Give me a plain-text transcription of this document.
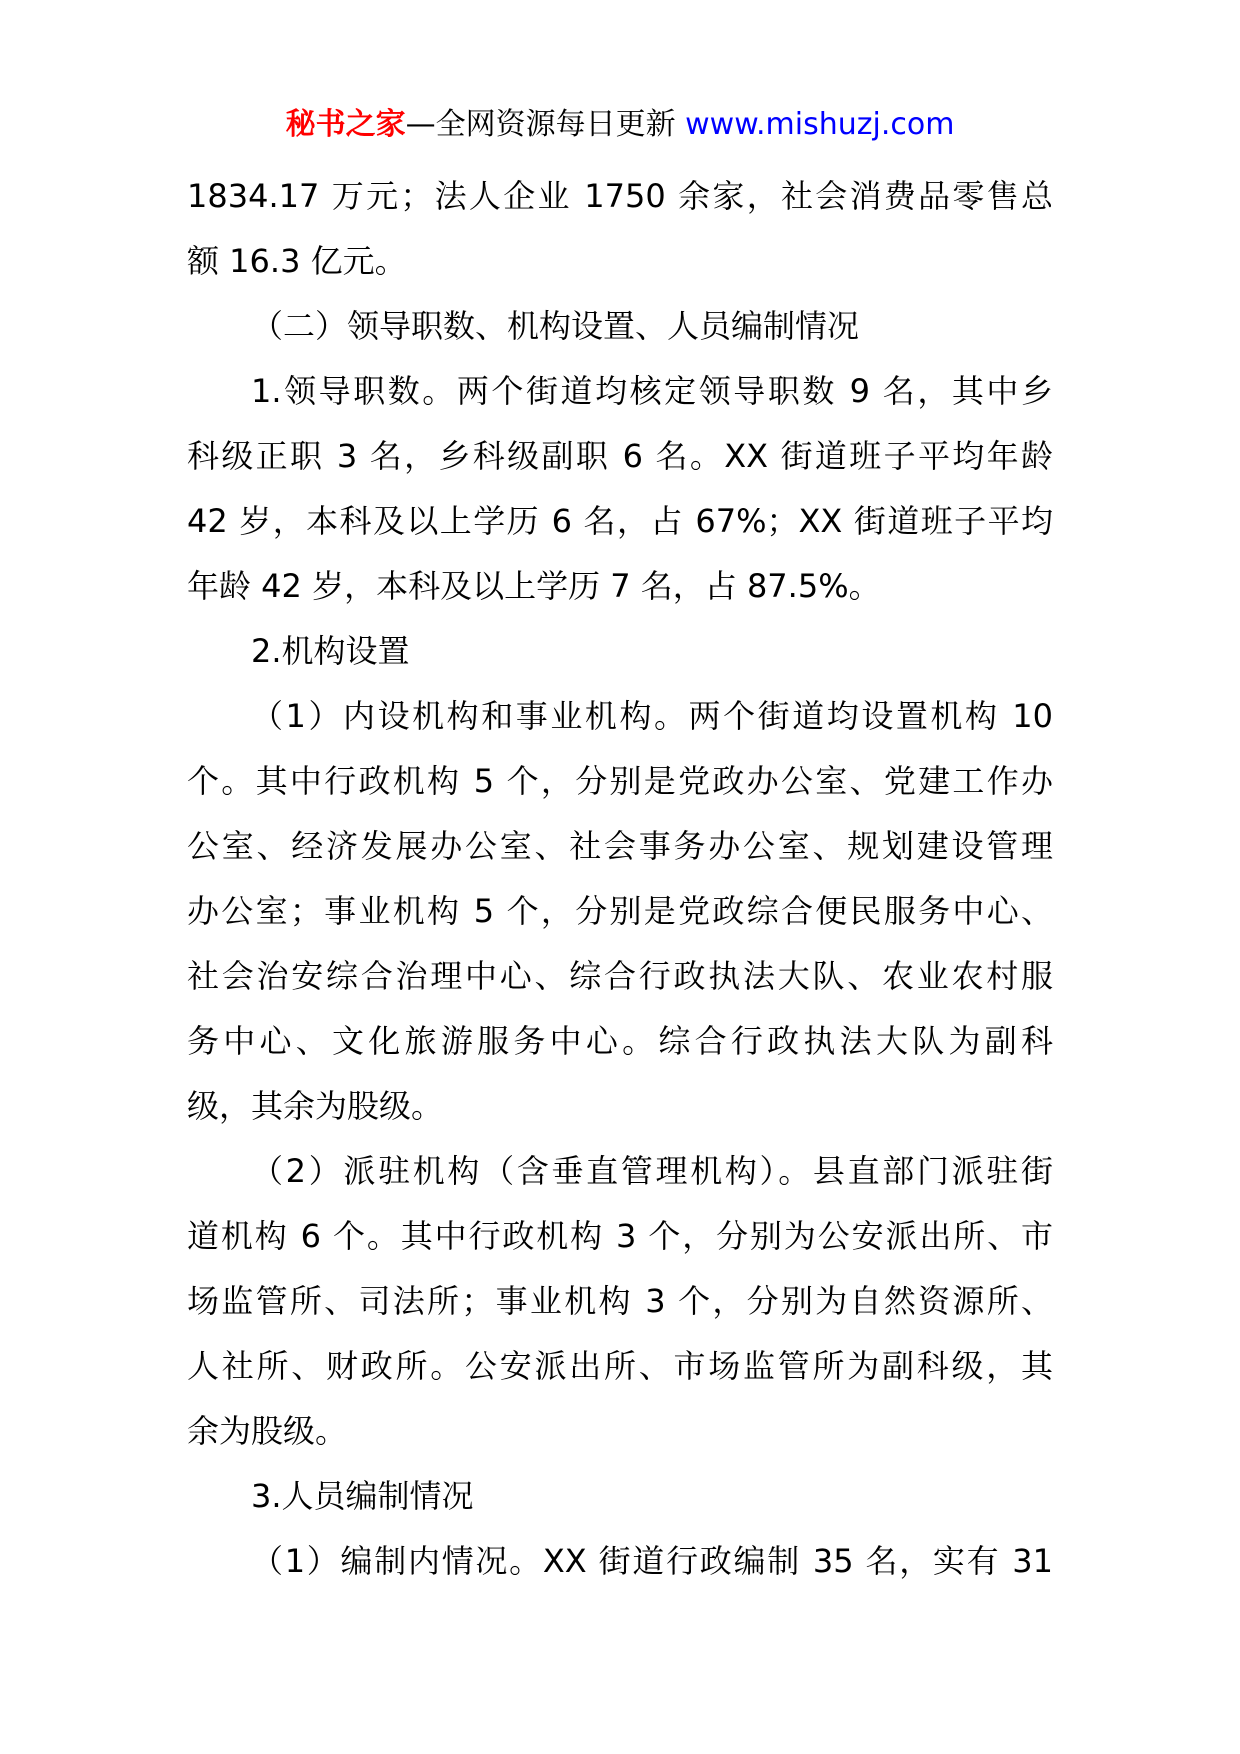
秘书之家—全网资源每日更新 www.mishuzj.com
1834.17 万元；法人企业 1750 余家，社会消费品零售总
额 16.3 亿元。
（二）领导职数、机构设置、人员编制情况
1.领导职数。两个街道均核定领导职数 9 名，其中乡
科级正职 3 名，乡科级副职 6 名。XX 街道班子平均年龄
42 岁，本科及以上学历 6 名，占 67%；XX 街道班子平均
年龄 42 岁，本科及以上学历 7 名，占 87.5%。
2.机构设置
（1）内设机构和事业机构。两个街道均设置机构 10
个。其中行政机构 5 个，分别是党政办公室、党建工作办
公室、经济发展办公室、社会事务办公室、规划建设管理
办公室；事业机构 5 个，分别是党政综合便民服务中心、
社会治安综合治理中心、综合行政执法大队、农业农村服
务中心、文化旅游服务中心。综合行政执法大队为副科
级，其余为股级。
（2）派驻机构（含垂直管理机构）。县直部门派驻街
道机构 6 个。其中行政机构 3 个，分别为公安派出所、市
场监管所、司法所；事业机构 3 个，分别为自然资源所、
人社所、财政所。公安派出所、市场监管所为副科级，其
余为股级。
3.人员编制情况
（1）编制内情况。XX 街道行政编制 35 名，实有 31
